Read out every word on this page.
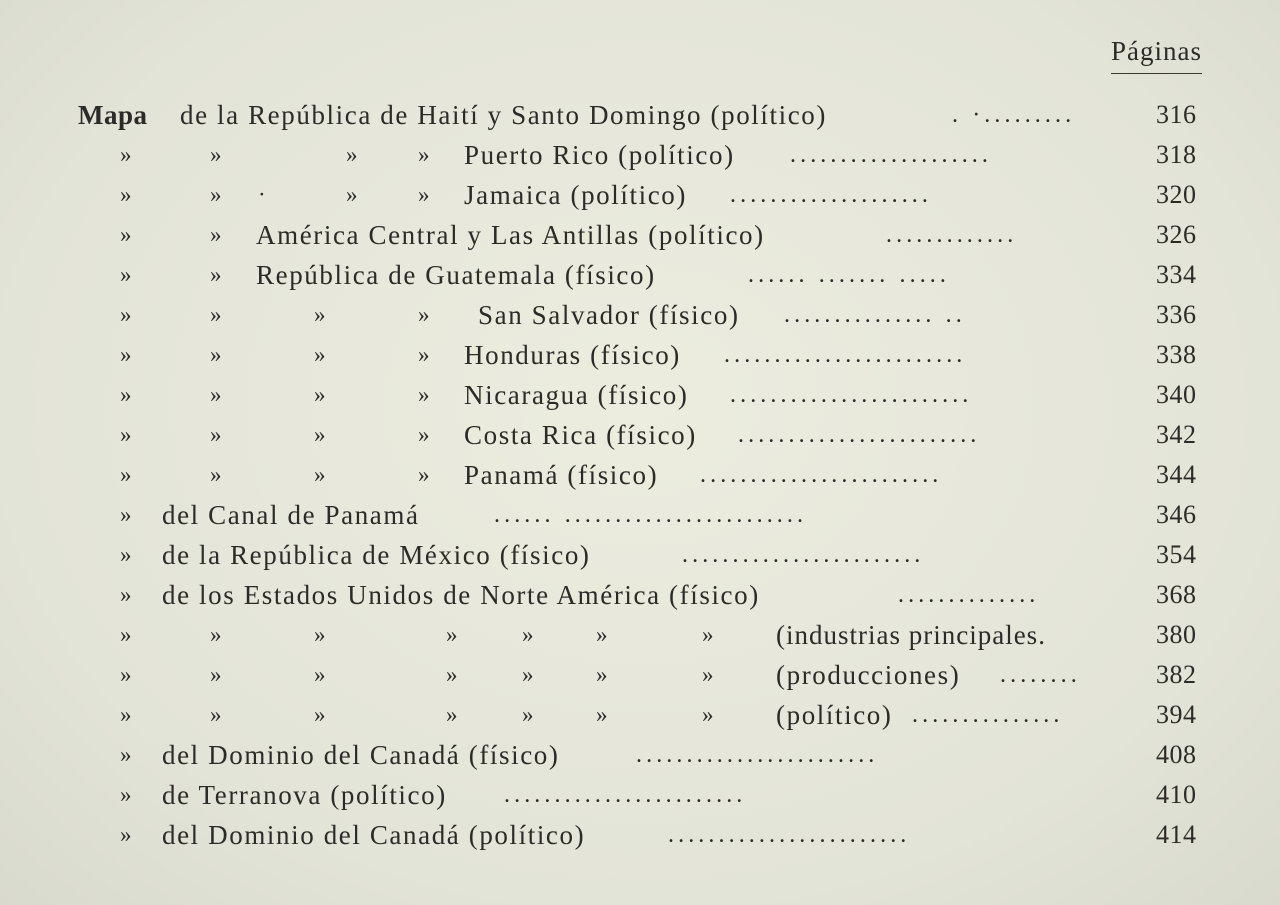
Páginas
Mapa de la República de Haití y Santo Domingo (político)	. ·.........	316
»	»	»	» Puerto Rico (político) ....................	318
»	» ·	»	» Jamaica (político) ....................	320
»	» América Central y Las Antillas (político)	.............	326
»	» República de Guatemala (físico)	...... ....... .....	334
»	»	»	» San Salvador (físico) ............... ..	336
»	»	»	» Honduras (físico) ........................	338
»	»	»	» Nicaragua (físico) ........................	340
»	»	»	» Costa Rica (físico) ........................	342
»	»	»	» Panamá (físico) ........................	344
» del Canal de Panamá	...... ........................	346
» de la República de México (físico)	........................	354
» de los Estados Unidos de Norte América (físico)	..............	368
»	»	»	»	»	»	» (industrias principales.	380
»	»	»	»	»	»	» (producciones) ........	382
»	»	»	»	»	»	» (político) ...............	394
» del Dominio del Canadá (físico)	........................	408
» de Terranova (político) ........................	410
» del Dominio del Canadá (político)	........................	414
